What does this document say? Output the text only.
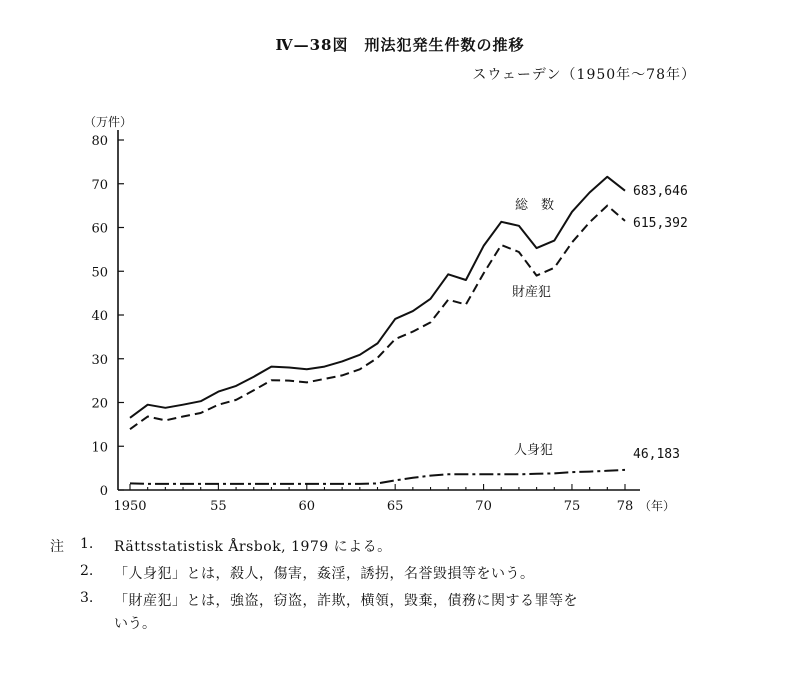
Ⅳ—38図　刑法犯発生件数の推移
スウェーデン（1950年〜78年）
0
10
20
30
40
50
60
70
80
（万件）
1950	55	60	65	70	75	78 （年）
総　数
財産犯
人身犯
683,646
615,392
46,183
注	1.	Rättsstatistisk Årsbok, 1979 による。
2.	「人身犯」とは，殺人，傷害，姦淫，誘拐，名誉毀損等をいう。
3.	「財産犯」とは，強盗，窃盗，詐欺，横領，毀棄，債務に関する罪等を
いう。
